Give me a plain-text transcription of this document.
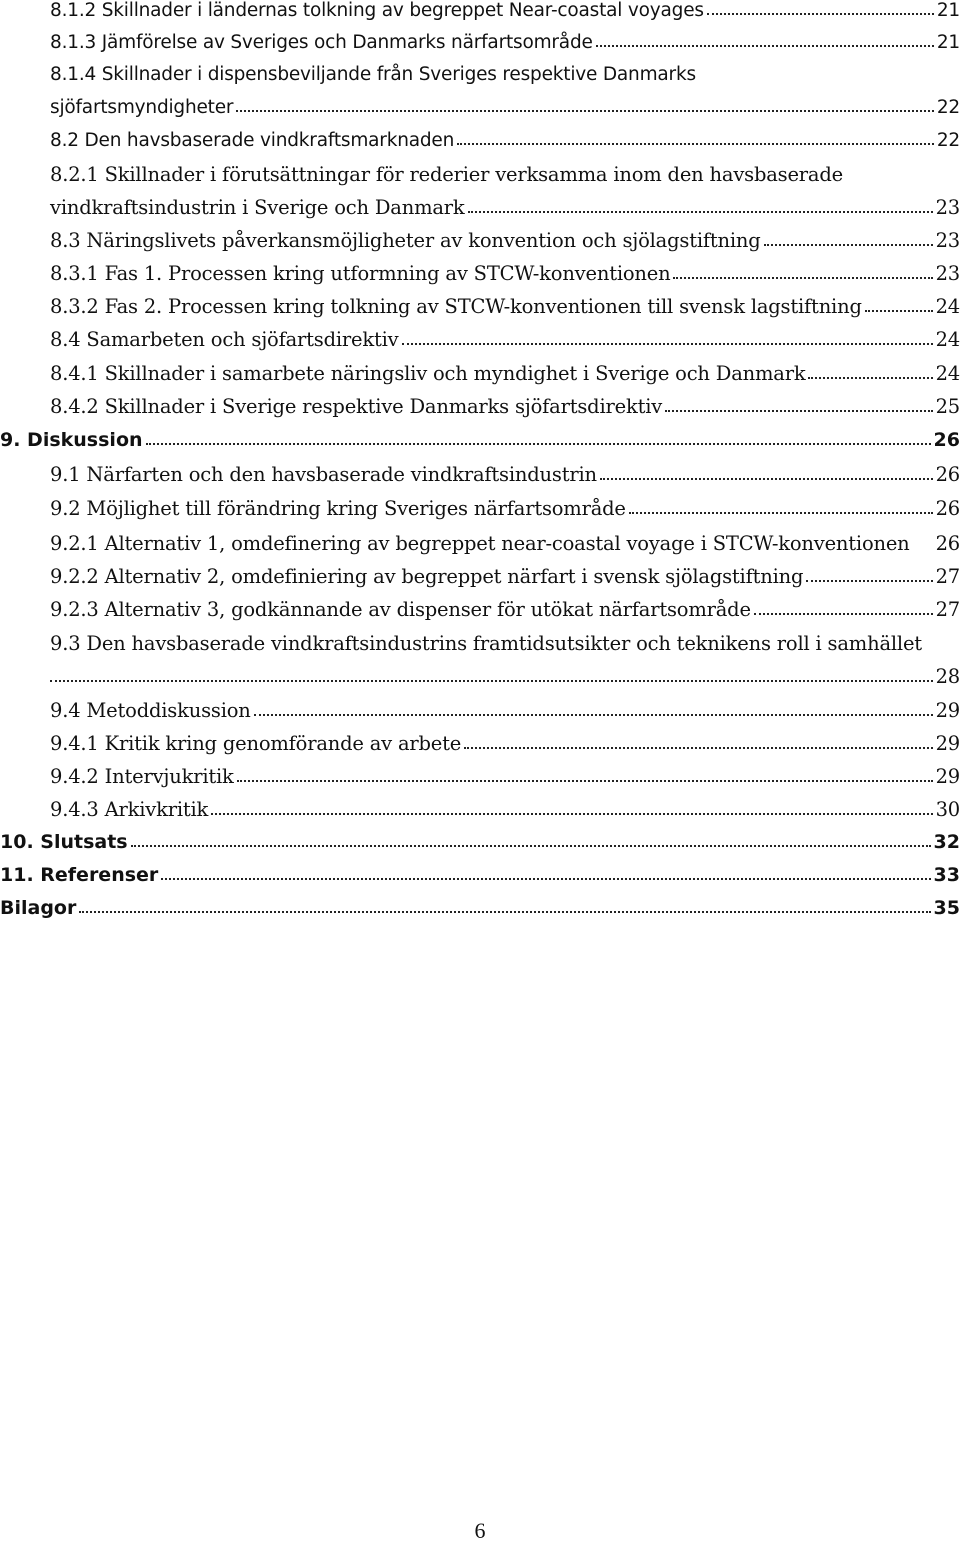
8.1.2 Skillnader i ländernas tolkning av begreppet Near-coastal voyages	21
8.1.3 Jämförelse av Sveriges och Danmarks närfartsområde	21
8.1.4 Skillnader i dispensbeviljande från Sveriges respektive Danmarks
sjöfartsmyndigheter	22
8.2 Den havsbaserade vindkraftsmarknaden	22
8.2.1 Skillnader i förutsättningar för rederier verksamma inom den havsbaserade
vindkraftsindustrin i Sverige och Danmark	23
8.3 Näringslivets påverkansmöjligheter av konvention och sjölagstiftning	23
8.3.1 Fas 1. Processen kring utformning av STCW-konventionen	23
8.3.2 Fas 2. Processen kring tolkning av STCW-konventionen till svensk lagstiftning	24
8.4 Samarbeten och sjöfartsdirektiv	24
8.4.1 Skillnader i samarbete näringsliv och myndighet i Sverige och Danmark	24
8.4.2 Skillnader i Sverige respektive Danmarks sjöfartsdirektiv	25
9. Diskussion	26
9.1 Närfarten och den havsbaserade vindkraftsindustrin	26
9.2 Möjlighet till förändring kring Sveriges närfartsområde	26
9.2.1 Alternativ 1, omdefinering av begreppet near-coastal voyage i STCW-konventionen 26
9.2.2 Alternativ 2, omdefiniering av begreppet närfart i svensk sjölagstiftning	27
9.2.3 Alternativ 3, godkännande av dispenser för utökat närfartsområde	27
9.3 Den havsbaserade vindkraftsindustrins framtidsutsikter och teknikens roll i samhället
28
9.4 Metoddiskussion	29
9.4.1 Kritik kring genomförande av arbete	29
9.4.2 Intervjukritik	29
9.4.3 Arkivkritik	30
10. Slutsats	32
11. Referenser	33
Bilagor	35
6
